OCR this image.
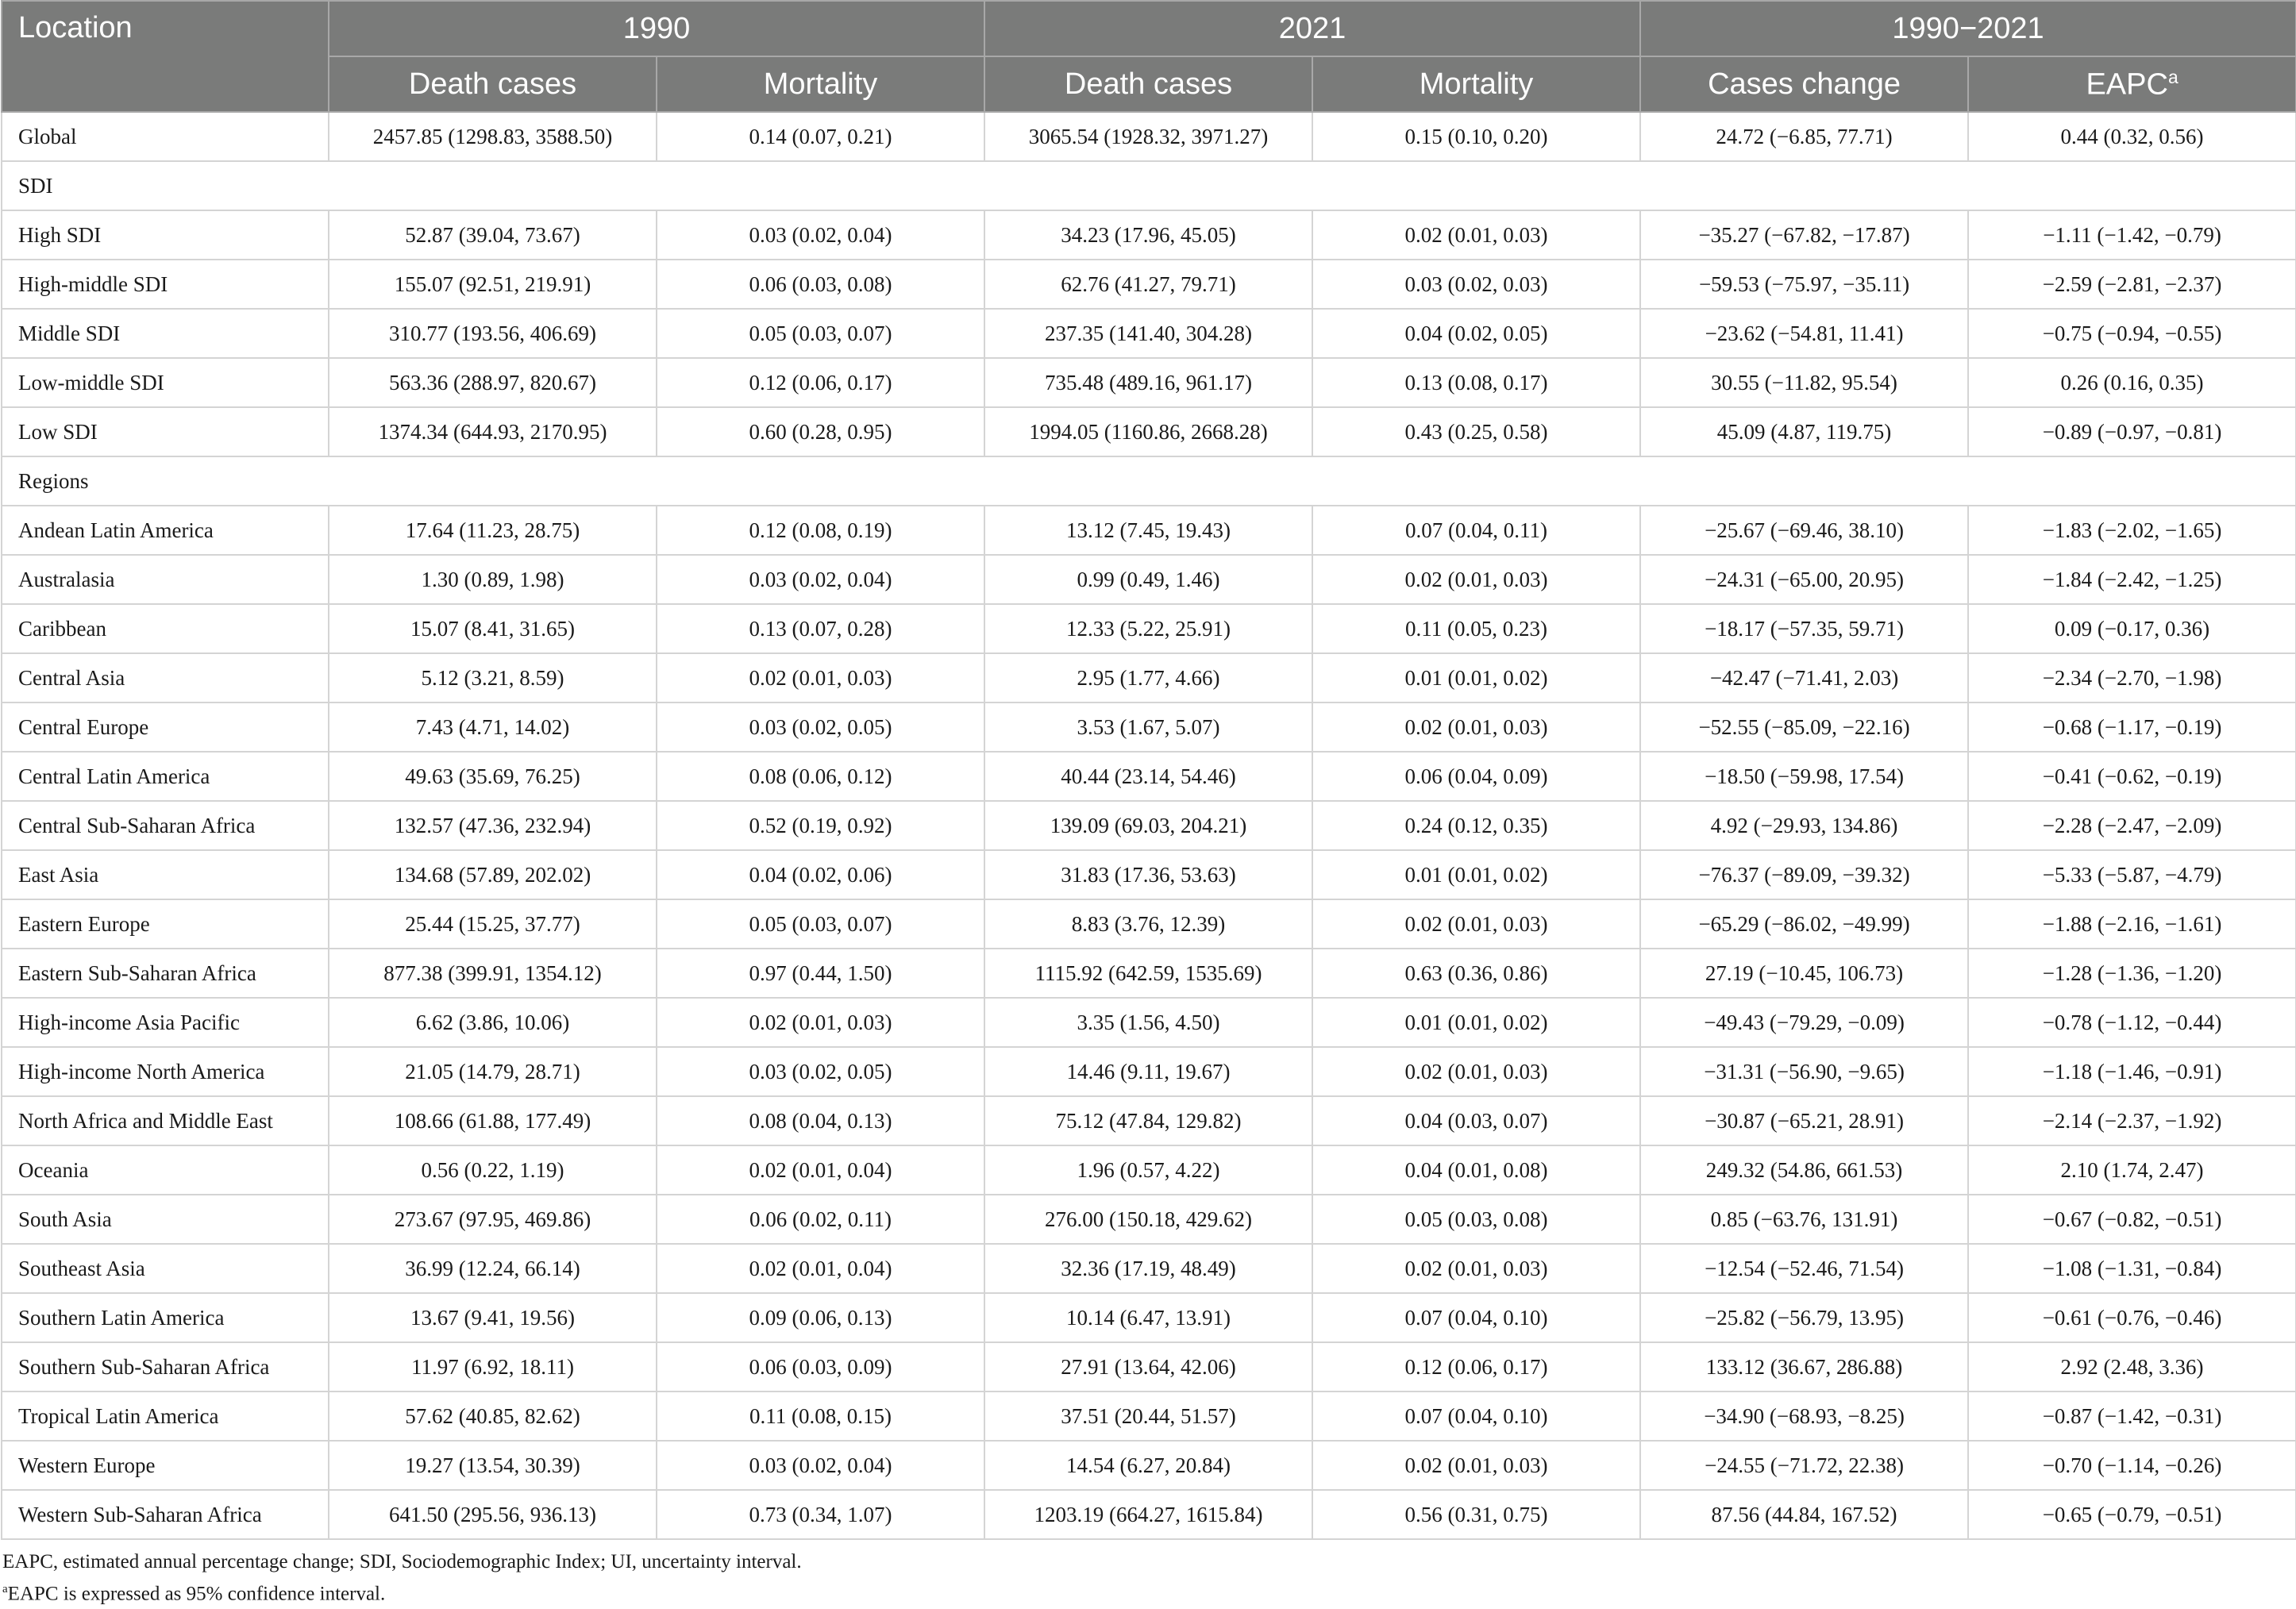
Location	1990		2021		1990−2021	
	Death cases	Mortality	Death cases	Mortality	Cases change	EAPC$^a$
Global	2457.85 (1298.83, 3588.50)	0.14 (0.07, 0.21)	3065.54 (1928.32, 3971.27)	0.15 (0.10, 0.20)	24.72 (−6.85, 77.71)	0.44 (0.32, 0.56)
SDI						
High SDI	52.87 (39.04, 73.67)	0.03 (0.02, 0.04)	34.23 (17.96, 45.05)	0.02 (0.01, 0.03)	−35.27 (−67.82, −17.87)	−1.11 (−1.42, −0.79)
High-middle SDI	155.07 (92.51, 219.91)	0.06 (0.03, 0.08)	62.76 (41.27, 79.71)	0.03 (0.02, 0.03)	−59.53 (−75.97, −35.11)	−2.59 (−2.81, −2.37)
Middle SDI	310.77 (193.56, 406.69)	0.05 (0.03, 0.07)	237.35 (141.40, 304.28)	0.04 (0.02, 0.05)	−23.62 (−54.81, 11.41)	−0.75 (−0.94, −0.55)
Low-middle SDI	563.36 (288.97, 820.67)	0.12 (0.06, 0.17)	735.48 (489.16, 961.17)	0.13 (0.08, 0.17)	30.55 (−11.82, 95.54)	0.26 (0.16, 0.35)
Low SDI	1374.34 (644.93, 2170.95)	0.60 (0.28, 0.95)	1994.05 (1160.86, 2668.28)	0.43 (0.25, 0.58)	45.09 (4.87, 119.75)	−0.89 (−0.97, −0.81)
Regions						
Andean Latin America	17.64 (11.23, 28.75)	0.12 (0.08, 0.19)	13.12 (7.45, 19.43)	0.07 (0.04, 0.11)	−25.67 (−69.46, 38.10)	−1.83 (−2.02, −1.65)
Australasia	1.30 (0.89, 1.98)	0.03 (0.02, 0.04)	0.99 (0.49, 1.46)	0.02 (0.01, 0.03)	−24.31 (−65.00, 20.95)	−1.84 (−2.42, −1.25)
Caribbean	15.07 (8.41, 31.65)	0.13 (0.07, 0.28)	12.33 (5.22, 25.91)	0.11 (0.05, 0.23)	−18.17 (−57.35, 59.71)	0.09 (−0.17, 0.36)
Central Asia	5.12 (3.21, 8.59)	0.02 (0.01, 0.03)	2.95 (1.77, 4.66)	0.01 (0.01, 0.02)	−42.47 (−71.41, 2.03)	−2.34 (−2.70, −1.98)
Central Europe	7.43 (4.71, 14.02)	0.03 (0.02, 0.05)	3.53 (1.67, 5.07)	0.02 (0.01, 0.03)	−52.55 (−85.09, −22.16)	−0.68 (−1.17, −0.19)
Central Latin America	49.63 (35.69, 76.25)	0.08 (0.06, 0.12)	40.44 (23.14, 54.46)	0.06 (0.04, 0.09)	−18.50 (−59.98, 17.54)	−0.41 (−0.62, −0.19)
Central Sub-Saharan Africa	132.57 (47.36, 232.94)	0.52 (0.19, 0.92)	139.09 (69.03, 204.21)	0.24 (0.12, 0.35)	4.92 (−29.93, 134.86)	−2.28 (−2.47, −2.09)
East Asia	134.68 (57.89, 202.02)	0.04 (0.02, 0.06)	31.83 (17.36, 53.63)	0.01 (0.01, 0.02)	−76.37 (−89.09, −39.32)	−5.33 (−5.87, −4.79)
Eastern Europe	25.44 (15.25, 37.77)	0.05 (0.03, 0.07)	8.83 (3.76, 12.39)	0.02 (0.01, 0.03)	−65.29 (−86.02, −49.99)	−1.88 (−2.16, −1.61)
Eastern Sub-Saharan Africa	877.38 (399.91, 1354.12)	0.97 (0.44, 1.50)	1115.92 (642.59, 1535.69)	0.63 (0.36, 0.86)	27.19 (−10.45, 106.73)	−1.28 (−1.36, −1.20)
High-income Asia Pacific	6.62 (3.86, 10.06)	0.02 (0.01, 0.03)	3.35 (1.56, 4.50)	0.01 (0.01, 0.02)	−49.43 (−79.29, −0.09)	−0.78 (−1.12, −0.44)
High-income North America	21.05 (14.79, 28.71)	0.03 (0.02, 0.05)	14.46 (9.11, 19.67)	0.02 (0.01, 0.03)	−31.31 (−56.90, −9.65)	−1.18 (−1.46, −0.91)
North Africa and Middle East	108.66 (61.88, 177.49)	0.08 (0.04, 0.13)	75.12 (47.84, 129.82)	0.04 (0.03, 0.07)	−30.87 (−65.21, 28.91)	−2.14 (−2.37, −1.92)
Oceania	0.56 (0.22, 1.19)	0.02 (0.01, 0.04)	1.96 (0.57, 4.22)	0.04 (0.01, 0.08)	249.32 (54.86, 661.53)	2.10 (1.74, 2.47)
South Asia	273.67 (97.95, 469.86)	0.06 (0.02, 0.11)	276.00 (150.18, 429.62)	0.05 (0.03, 0.08)	0.85 (−63.76, 131.91)	−0.67 (−0.82, −0.51)
Southeast Asia	36.99 (12.24, 66.14)	0.02 (0.01, 0.04)	32.36 (17.19, 48.49)	0.02 (0.01, 0.03)	−12.54 (−52.46, 71.54)	−1.08 (−1.31, −0.84)
Southern Latin America	13.67 (9.41, 19.56)	0.09 (0.06, 0.13)	10.14 (6.47, 13.91)	0.07 (0.04, 0.10)	−25.82 (−56.79, 13.95)	−0.61 (−0.76, −0.46)
Southern Sub-Saharan Africa	11.97 (6.92, 18.11)	0.06 (0.03, 0.09)	27.91 (13.64, 42.06)	0.12 (0.06, 0.17)	133.12 (36.67, 286.88)	2.92 (2.48, 3.36)
Tropical Latin America	57.62 (40.85, 82.62)	0.11 (0.08, 0.15)	37.51 (20.44, 51.57)	0.07 (0.04, 0.10)	−34.90 (−68.93, −8.25)	−0.87 (−1.42, −0.31)
Western Europe	19.27 (13.54, 30.39)	0.03 (0.02, 0.04)	14.54 (6.27, 20.84)	0.02 (0.01, 0.03)	−24.55 (−71.72, 22.38)	−0.70 (−1.14, −0.26)
Western Sub-Saharan Africa	641.50 (295.56, 936.13)	0.73 (0.34, 1.07)	1203.19 (664.27, 1615.84)	0.56 (0.31, 0.75)	87.56 (44.84, 167.52)	−0.65 (−0.79, −0.51)
EAPC, estimated annual percentage change; SDI, Sociodemographic Index; UI, uncertainty interval.
$^a$EAPC is expressed as 95% confidence interval.
